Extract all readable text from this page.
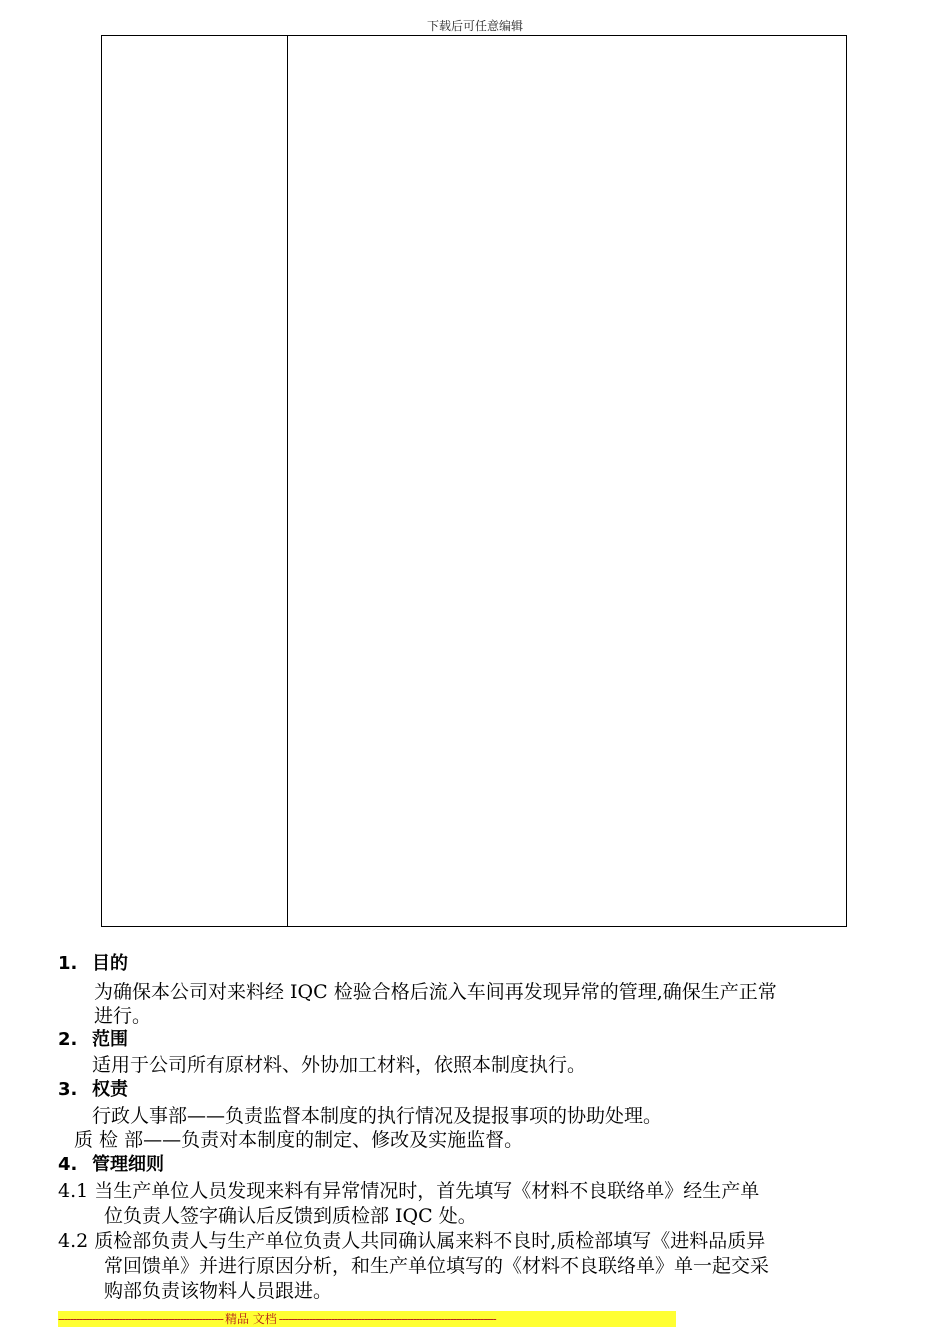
下载后可任意编辑
1. 目的
为确保本公司对来料经 IQC 检验合格后流入车间再发现异常的管理,确保生产正常
进行。
2. 范围
适用于公司所有原材料、外协加工材料，依照本制度执行。
3. 权责
行政人事部——负责监督本制度的执行情况及提报事项的协助处理。
质 检 部——负责对本制度的制定、修改及实施监督。
4. 管理细则
4.1 当生产单位人员发现来料有异常情况时，首先填写《材料不良联络单》经生产单
位负责人签字确认后反馈到质检部 IQC 处。
4.2 质检部负责人与生产单位负责人共同确认属来料不良时,质检部填写《进料品质异
常回馈单》并进行原因分析，和生产单位填写的《材料不良联络单》单一起交采
购部负责该物料人员跟进。
------------------------------------------------------ 精品 文档 -----------------------------------------------------------------------
